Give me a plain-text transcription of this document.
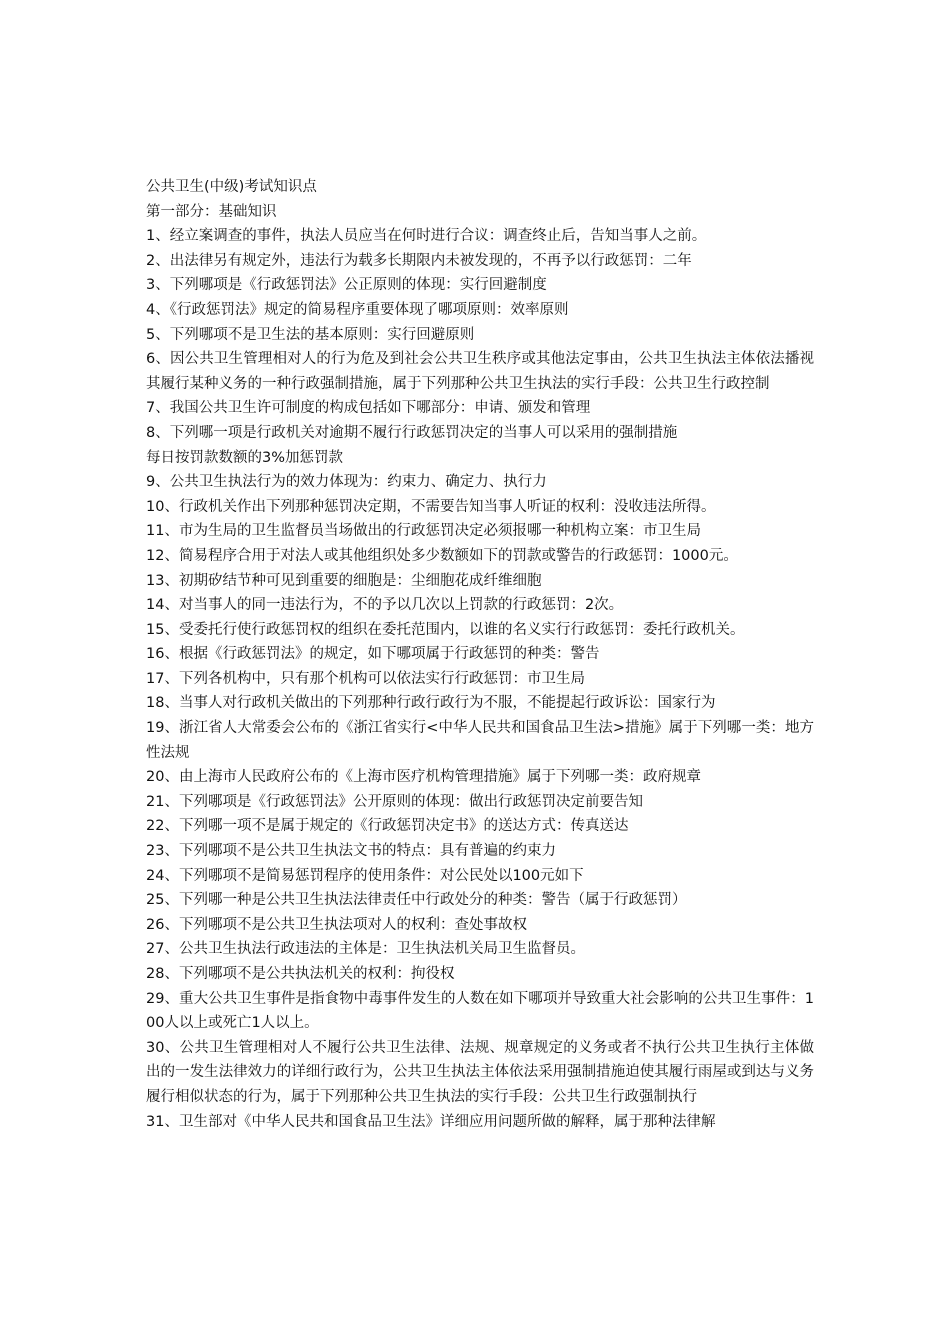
公共卫生(中级)考试知识点

第一部分：基础知识

1、经立案调查的事件，执法人员应当在何时进行合议：调查终止后，告知当事人之前。

2、出法律另有规定外，违法行为载多长期限内未被发现的，不再予以行政惩罚：二年

3、下列哪项是《行政惩罚法》公正原则的体现：实行回避制度

4、《行政惩罚法》规定的简易程序重要体现了哪项原则：效率原则

5、下列哪项不是卫生法的基本原则：实行回避原则

6、因公共卫生管理相对人的行为危及到社会公共卫生秩序或其他法定事由，公共卫生执法主体依法播视其履行某种义务的一种行政强制措施，属于下列那种公共卫生执法的实行手段：公共卫生行政控制

7、我国公共卫生许可制度的构成包括如下哪部分：申请、颁发和管理

8、下列哪一项是行政机关对逾期不履行行政惩罚决定的当事人可以采用的强制措施

每日按罚款数额的3%加惩罚款

9、公共卫生执法行为的效力体现为：约束力、确定力、执行力

10、行政机关作出下列那种惩罚决定期，不需要告知当事人听证的权利：没收违法所得。

11、市为生局的卫生监督员当场做出的行政惩罚决定必须报哪一种机构立案：市卫生局

12、简易程序合用于对法人或其他组织处多少数额如下的罚款或警告的行政惩罚：1000元。

13、初期矽结节种可见到重要的细胞是：尘细胞花成纤维细胞

14、对当事人的同一违法行为，不的予以几次以上罚款的行政惩罚：2次。

15、受委托行使行政惩罚权的组织在委托范围内，以谁的名义实行行政惩罚：委托行政机关。

16、根据《行政惩罚法》的规定，如下哪项属于行政惩罚的种类：警告

17、下列各机构中，只有那个机构可以依法实行行政惩罚：市卫生局

18、当事人对行政机关做出的下列那种行政行政行为不服，不能提起行政诉讼：国家行为

19、浙江省人大常委会公布的《浙江省实行<中华人民共和国食品卫生法>措施》属于下列哪一类：地方性法规

20、由上海市人民政府公布的《上海市医疗机构管理措施》属于下列哪一类：政府规章

21、下列哪项是《行政惩罚法》公开原则的体现：做出行政惩罚决定前要告知

22、下列哪一项不是属于规定的《行政惩罚决定书》的送达方式：传真送达

23、下列哪项不是公共卫生执法文书的特点：具有普遍的约束力

24、下列哪项不是简易惩罚程序的使用条件：对公民处以100元如下

25、下列哪一种是公共卫生执法法律责任中行政处分的种类：警告（属于行政惩罚）

26、下列哪项不是公共卫生执法项对人的权利：查处事故权

27、公共卫生执法行政违法的主体是：卫生执法机关局卫生监督员。

28、下列哪项不是公共执法机关的权利：拘役权

29、重大公共卫生事件是指食物中毒事件发生的人数在如下哪项并导致重大社会影响的公共卫生事件：100人以上或死亡1人以上。

30、公共卫生管理相对人不履行公共卫生法律、法规、规章规定的义务或者不执行公共卫生执行主体做出的一发生法律效力的详细行政行为，公共卫生执法主体依法采用强制措施迫使其履行雨屋或到达与义务履行相似状态的行为，属于下列那种公共卫生执法的实行手段：公共卫生行政强制执行

31、卫生部对《中华人民共和国食品卫生法》详细应用问题所做的解释，属于那种法律解
